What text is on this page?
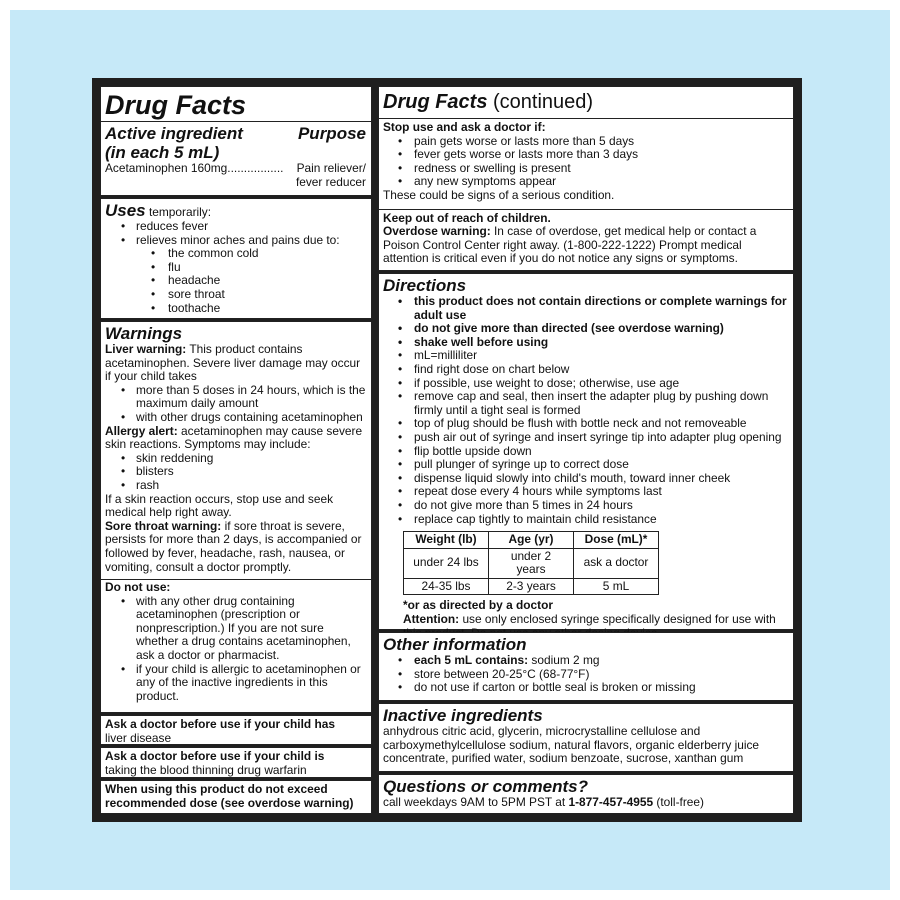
Drug Facts
Active ingredient	Purpose
(in each 5 mL)
Acetaminophen 160mg................. Pain reliever/
fever reducer
Uses temporarily:
• reduces fever
• relieves minor aches and pains due to:
• the common cold
• flu
• headache
• sore throat
• toothache
Warnings
Liver warning: This product contains acetaminophen. Severe liver damage may occur if your child takes
• more than 5 doses in 24 hours, which is the maximum daily amount
• with other drugs containing acetaminophen
Allergy alert: acetaminophen may cause severe skin reactions. Symptoms may include:
• skin reddening
• blisters
• rash
If a skin reaction occurs, stop use and seek medical help right away.
Sore throat warning: if sore throat is severe, persists for more than 2 days, is accompanied or followed by fever, headache, rash, nausea, or vomiting, consult a doctor promptly.
Do not use:
• with any other drug containing acetaminophen (prescription or nonprescription.) If you are not sure whether a drug contains acetaminophen, ask a doctor or pharmacist.
• if your child is allergic to acetaminophen or any of the inactive ingredients in this product.
Ask a doctor before use if your child has
liver disease
Ask a doctor before use if your child is
taking the blood thinning drug warfarin
When using this product do not exceed
recommended dose (see overdose warning)
Drug Facts (continued)
Stop use and ask a doctor if:
• pain gets worse or lasts more than 5 days
• fever gets worse or lasts more than 3 days
• redness or swelling is present
• any new symptoms appear
These could be signs of a serious condition.
Keep out of reach of children.
Overdose warning: In case of overdose, get medical help or contact a Poison Control Center right away. (1-800-222-1222) Prompt medical attention is critical even if you do not notice any signs or symptoms.
Directions
• this product does not contain directions or complete warnings for adult use
• do not give more than directed (see overdose warning)
• shake well before using
• mL=milliliter
• find right dose on chart below
• if possible, use weight to dose; otherwise, use age
• remove cap and seal, then insert the adapter plug by pushing down firmly until a tight seal is formed
• top of plug should be flush with bottle neck and not removeable
• push air out of syringe and insert syringe tip into adapter plug opening
• flip bottle upside down
• pull plunger of syringe up to correct dose
• dispense liquid slowly into child's mouth, toward inner cheek
• repeat dose every 4 hours while symptoms last
• do not give more than 5 times in 24 hours
• replace cap tightly to maintain child resistance
Weight (lb)	Age (yr)	Dose (mL)*
under 24 lbs	under 2 years	ask a doctor
24-35 lbs	2-3 years	5 mL
*or as directed by a doctor
Attention: use only enclosed syringe specifically designed for use with
Other information
• each 5 mL contains: sodium 2 mg
• store between 20-25°C (68-77°F)
• do not use if carton or bottle seal is broken or missing
Inactive ingredients
anhydrous citric acid, glycerin, microcrystalline cellulose and carboxymethylcellulose sodium, natural flavors, organic elderberry juice concentrate, purified water, sodium benzoate, sucrose, xanthan gum
Questions or comments?
call weekdays 9AM to 5PM PST at 1-877-457-4955 (toll-free)
